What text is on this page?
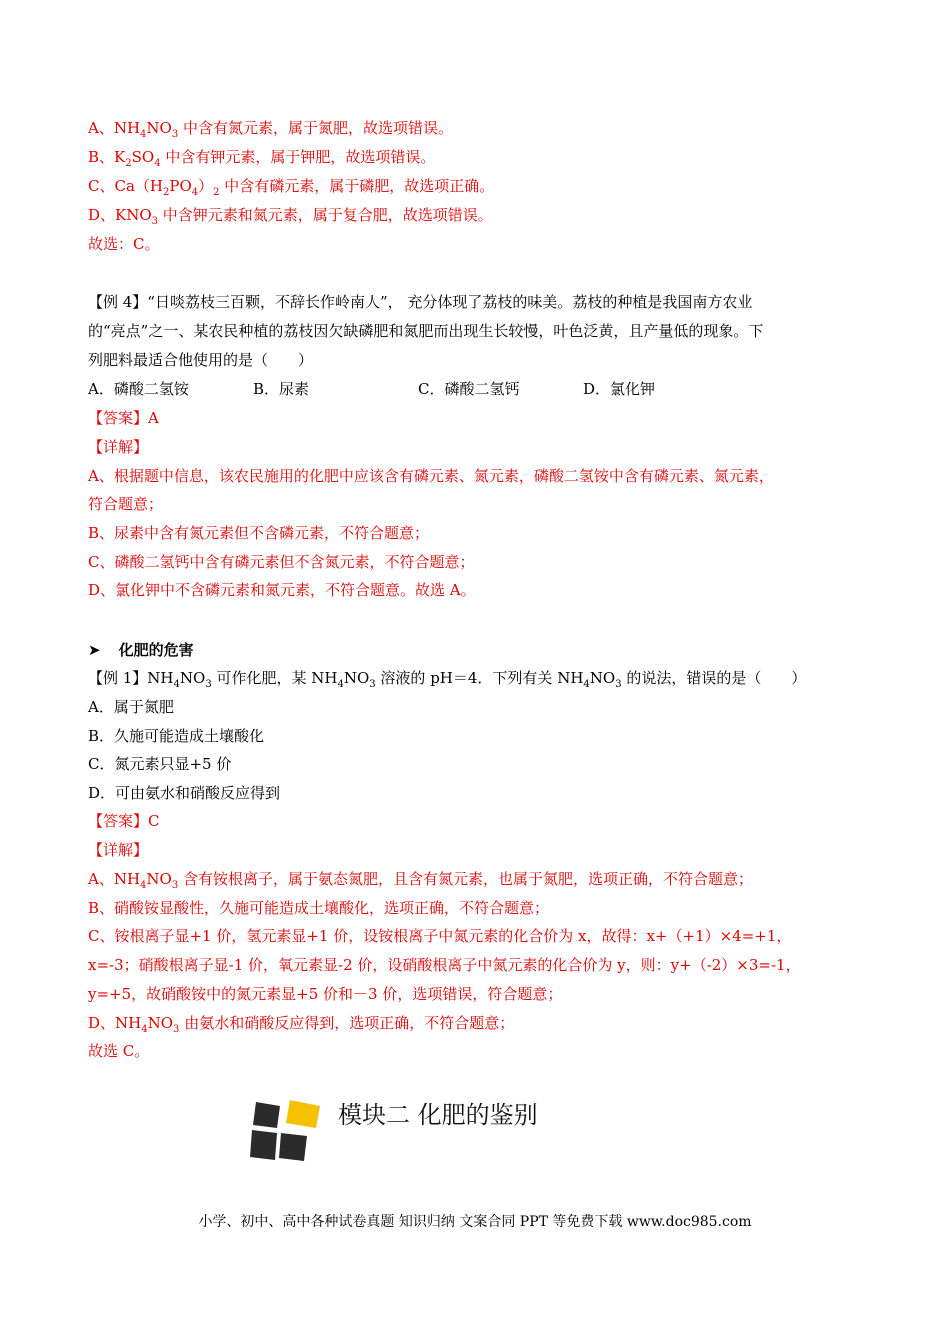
A、$NH_4NO_3$ 中含有氮元素，属于氮肥，故选项错误。
B、$K_2SO_4$ 中含有钾元素，属于钾肥，故选项错误。
C、$Ca(H_2PO_4)_2$ 中含有磷元素，属于磷肥，故选项正确。
D、$KNO_3$ 中含钾元素和氮元素，属于复合肥，故选项错误。
故选：C。
【例 4】“日啖荔枝三百颗，不辞长作岭南人”， 充分体现了荔枝的味美。荔枝的种植是我国南方农业
的“亮点”之一、某农民种植的荔枝因欠缺磷肥和氮肥而出现生长较慢，叶色泛黄，且产量低的现象。下
列肥料最适合他使用的是（　　）
A．磷酸二氢铵	B．尿素	C．磷酸二氢钙	D．氯化钾
【答案】A
【详解】
A、根据题中信息，该农民施用的化肥中应该含有磷元素、氮元素，磷酸二氢铵中含有磷元素、氮元素，
符合题意；
B、尿素中含有氮元素但不含磷元素，不符合题意；
C、磷酸二氢钙中含有磷元素但不含氮元素，不符合题意；
D、氯化钾中不含磷元素和氮元素，不符合题意。故选 A。
➤ 化肥的危害
【例 1】$NH_4NO_3$ 可作化肥，某 $NH_4NO_3$ 溶液的 pH＝4．下列有关 $NH_4NO_3$ 的说法，错误的是（　　）
A．属于氮肥
B．久施可能造成土壤酸化
C．氮元素只显+5 价
D．可由氨水和硝酸反应得到
【答案】C
【详解】
A、$NH_4NO_3$ 含有铵根离子，属于氨态氮肥，且含有氮元素，也属于氮肥，选项正确，不符合题意；
B、硝酸铵显酸性，久施可能造成土壤酸化，选项正确，不符合题意；
C、铵根离子显+1 价，氢元素显+1 价，设铵根离子中氮元素的化合价为 x，故得：x+（+1）×4=+1，
x=-3；硝酸根离子显-1 价，氧元素显-2 价，设硝酸根离子中氮元素的化合价为 y，则：y+（-2）×3=-1，
y=+5，故硝酸铵中的氮元素显+5 价和－3 价，选项错误，符合题意；
D、$NH_4NO_3$ 由氨水和硝酸反应得到，选项正确，不符合题意；
故选 C。
模块二 化肥的鉴别
小学、初中、高中各种试卷真题 知识归纳 文案合同 PPT 等免费下载 www.doc985.com
